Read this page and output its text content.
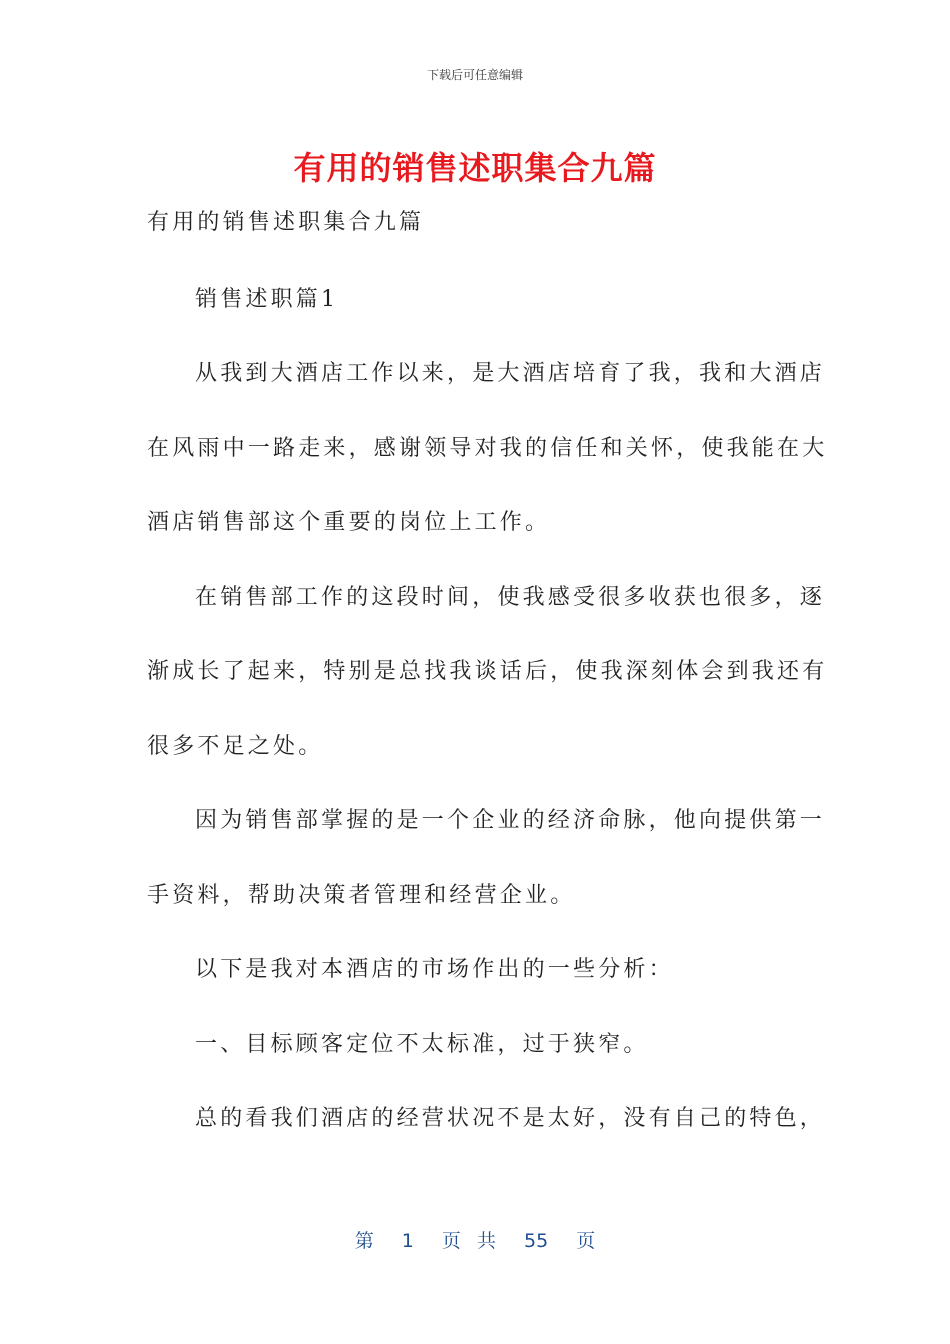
下载后可任意编辑
有用的销售述职集合九篇
有用的销售述职集合九篇
销售述职篇1
从我到大酒店工作以来，是大酒店培育了我，我和大酒店
在风雨中一路走来，感谢领导对我的信任和关怀，使我能在大
酒店销售部这个重要的岗位上工作。
在销售部工作的这段时间，使我感受很多收获也很多，逐
渐成长了起来，特别是总找我谈话后，使我深刻体会到我还有
很多不足之处。
因为销售部掌握的是一个企业的经济命脉，他向提供第一
手资料，帮助决策者管理和经营企业。
以下是我对本酒店的市场作出的一些分析：
一、目标顾客定位不太标准，过于狭窄。
总的看我们酒店的经营状况不是太好，没有自己的特色，
第 1 页 共 55 页
